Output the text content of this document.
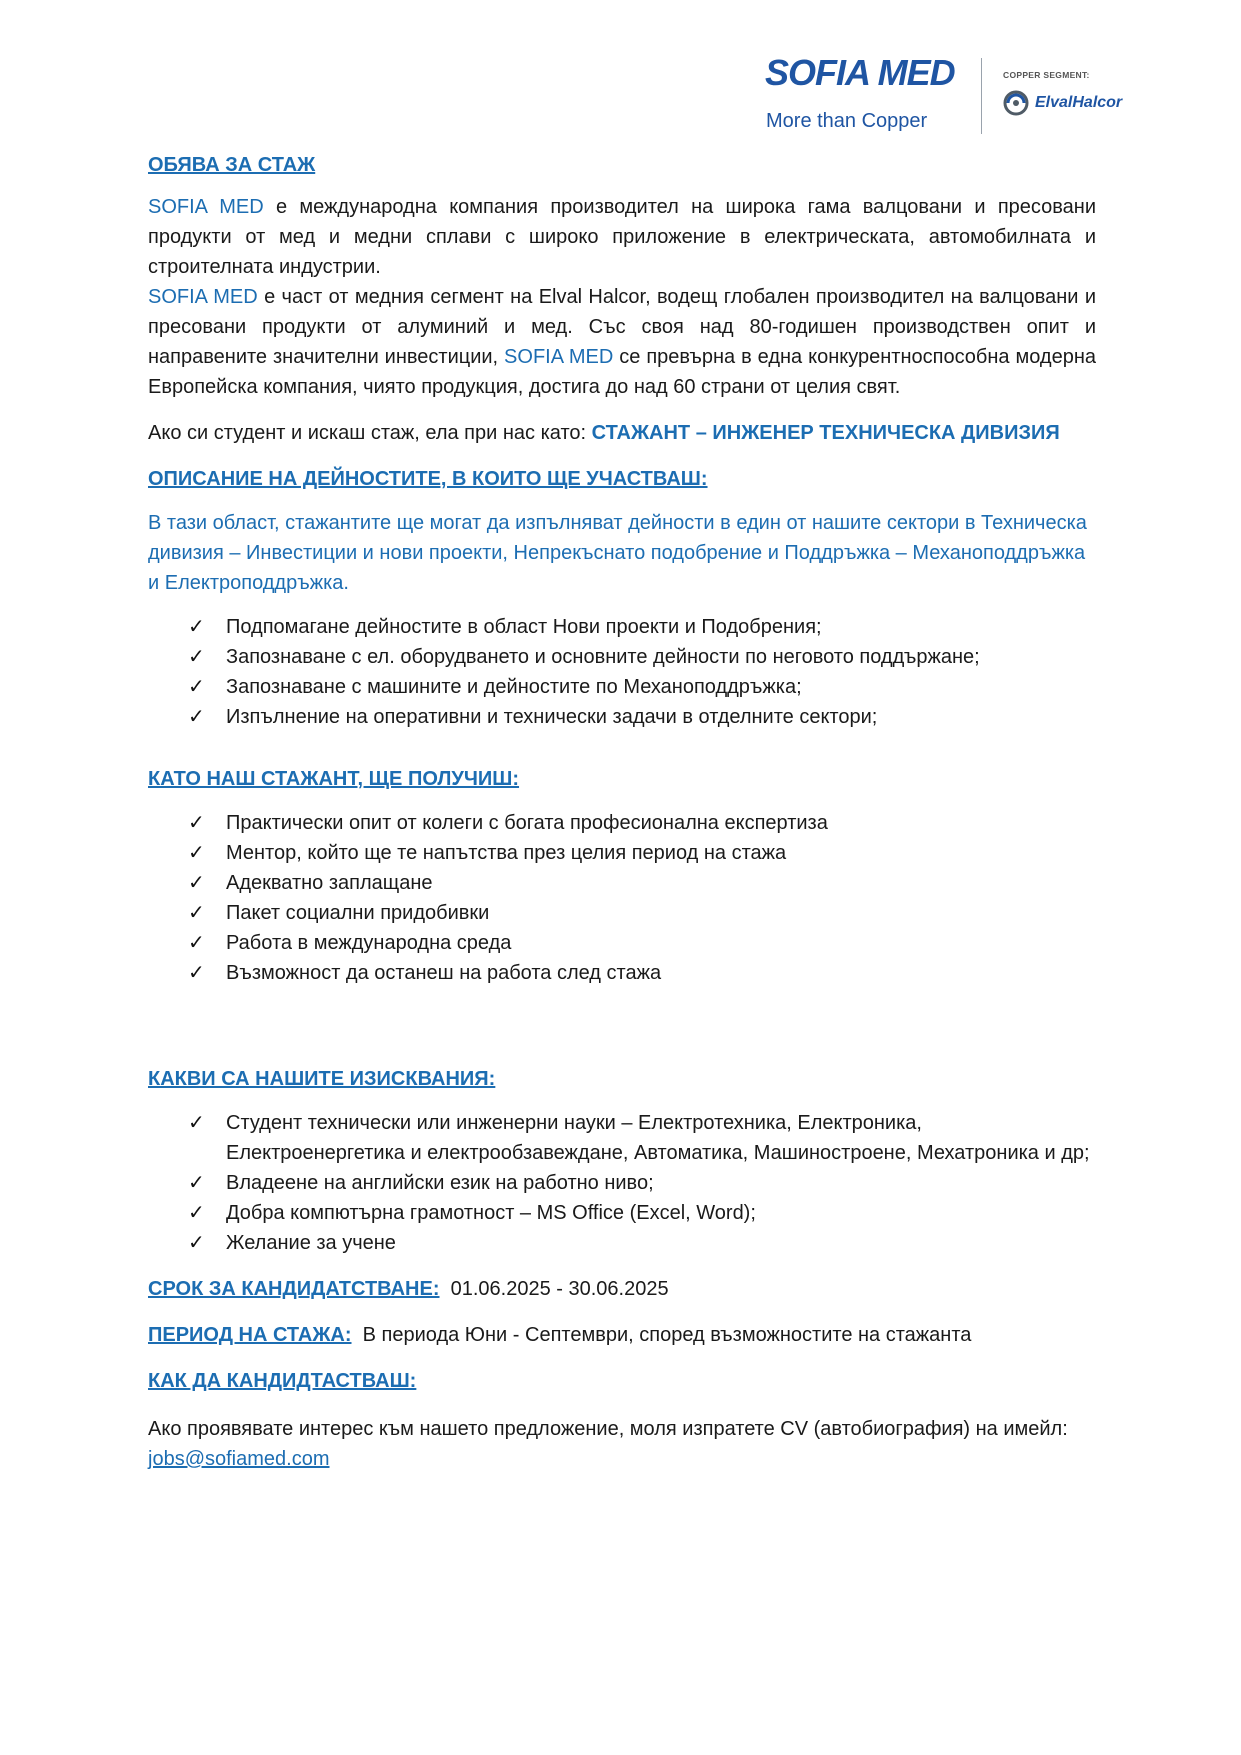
SOFIA MED
More than Copper
COPPER SEGMENT:
ElvalHalcor

ОБЯВА ЗА СТАЖ

SOFIA MED е международна компания производител на широка гама валцовани и пресовани продукти от мед и медни сплави с широко приложение в електрическата, автомобилната и строителната индустрии.

SOFIA MED е част от медния сегмент на Elval Halcor, водещ глобален производител на валцовани и пресовани продукти от алуминий и мед. Със своя над 80-годишен производствен опит и направените значителни инвестиции, SOFIA MED се превърна в една конкурентноспособна модерна Европейска компания, чиято продукция, достига до над 60 страни от целия свят.

Ако си студент и искаш стаж, ела при нас като: СТАЖАНТ – ИНЖЕНЕР ТЕХНИЧЕСКА ДИВИЗИЯ

ОПИСАНИЕ НА ДЕЙНОСТИТЕ, В КОИТО ЩЕ УЧАСТВАШ:

В тази област, стажантите ще могат да изпълняват дейности в един от нашите сектори в Техническа дивизия – Инвестиции и нови проекти, Непрекъснато подобрение и Поддръжка – Механоподдръжка и Електроподдръжка.

✓ Подпомагане дейностите в област Нови проекти и Подобрения;
✓ Запознаване с ел. оборудването и основните дейности по неговото поддържане;
✓ Запознаване с машините и дейностите по Механоподдръжка;
✓ Изпълнение на оперативни и технически задачи в отделните сектори;

КАТО НАШ СТАЖАНТ, ЩЕ ПОЛУЧИШ:

✓ Практически опит от колеги с богата професионална експертиза
✓ Ментор, който ще те напътства през целия период на стажа
✓ Адекватно заплащане
✓ Пакет социални придобивки
✓ Работа в международна среда
✓ Възможност да останеш на работа след стажа

КАКВИ СА НАШИТЕ ИЗИСКВАНИЯ:

✓ Студент технически или инженерни науки – Електротехника, Електроника, Електроенергетика и електрообзавеждане, Автоматика, Машиностроене, Мехатроника и др;
✓ Владеене на английски език на работно ниво;
✓ Добра компютърна грамотност – MS Office (Excel, Word);
✓ Желание за учене

СРОК ЗА КАНДИДАТСТВАНЕ: 01.06.2025 - 30.06.2025

ПЕРИОД НА СТАЖА: В периода Юни - Септември, според възможностите на стажанта

КАК ДА КАНДИДТАСТВАШ:

Ако проявявате интерес към нашето предложение, моля изпратете CV (автобиография) на имейл: jobs@sofiamed.com
